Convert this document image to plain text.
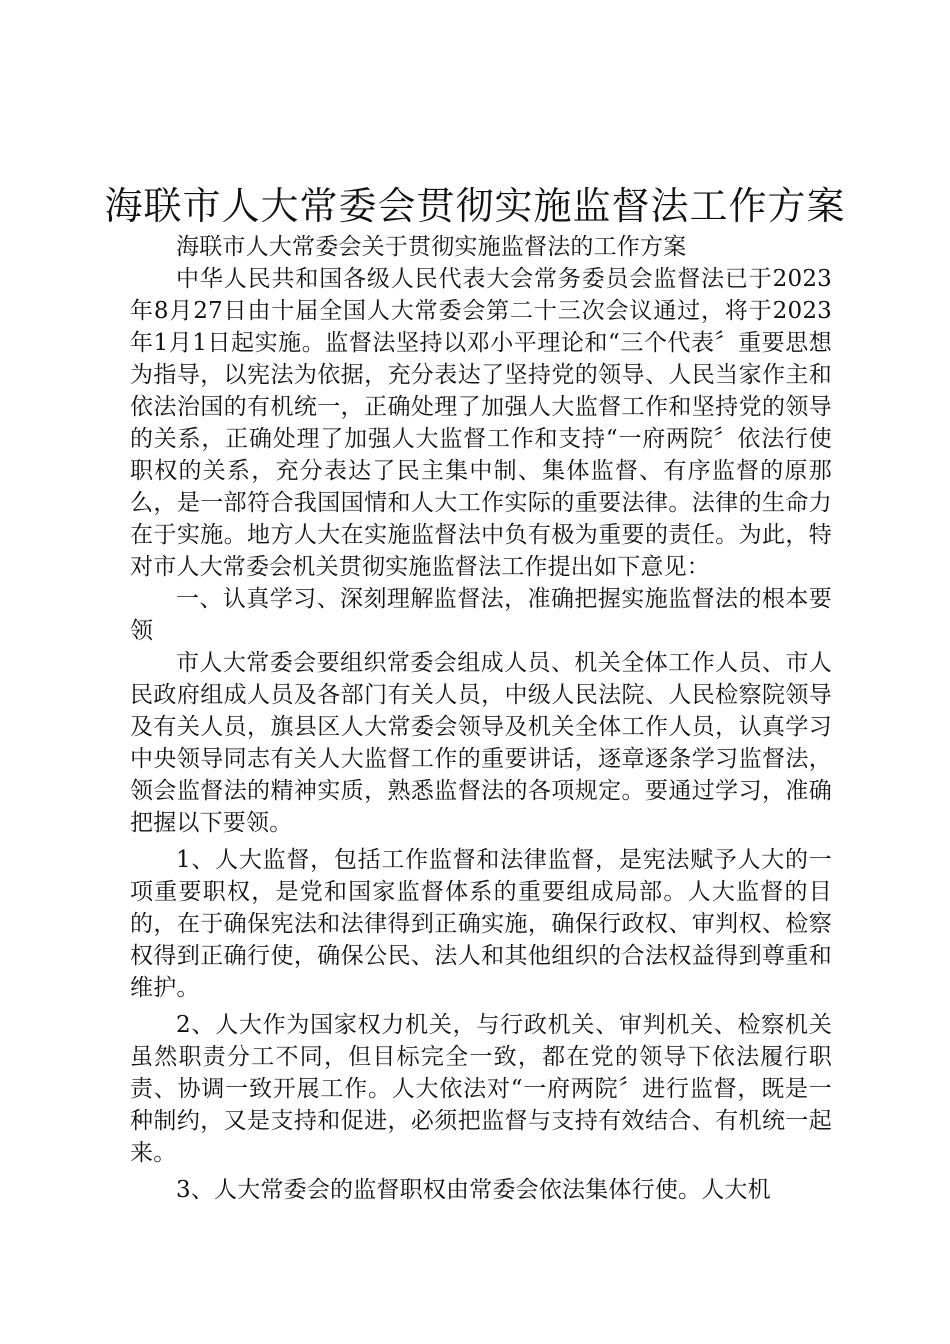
海联市人大常委会贯彻实施监督法工作方案

海联市人大常委会关于贯彻实施监督法的工作方案

中华人民共和国各级人民代表大会常务委员会监督法已于2023年8月27日由十届全国人大常委会第二十三次会议通过，将于2023年1月1日起实施。监督法坚持以邓小平理论和“三个代表〞重要思想为指导，以宪法为依据，充分表达了坚持党的领导、人民当家作主和依法治国的有机统一，正确处理了加强人大监督工作和坚持党的领导的关系，正确处理了加强人大监督工作和支持“一府两院〞依法行使职权的关系，充分表达了民主集中制、集体监督、有序监督的原那么，是一部符合我国国情和人大工作实际的重要法律。法律的生命力在于实施。地方人大在实施监督法中负有极为重要的责任。为此，特对市人大常委会机关贯彻实施监督法工作提出如下意见：

一、认真学习、深刻理解监督法，准确把握实施监督法的根本要领

市人大常委会要组织常委会组成人员、机关全体工作人员、市人民政府组成人员及各部门有关人员，中级人民法院、人民检察院领导及有关人员，旗县区人大常委会领导及机关全体工作人员，认真学习中央领导同志有关人大监督工作的重要讲话，逐章逐条学习监督法，领会监督法的精神实质，熟悉监督法的各项规定。要通过学习，准确把握以下要领。

1、人大监督，包括工作监督和法律监督，是宪法赋予人大的一项重要职权，是党和国家监督体系的重要组成局部。人大监督的目的，在于确保宪法和法律得到正确实施，确保行政权、审判权、检察权得到正确行使，确保公民、法人和其他组织的合法权益得到尊重和维护。

2、人大作为国家权力机关，与行政机关、审判机关、检察机关虽然职责分工不同，但目标完全一致，都在党的领导下依法履行职责、协调一致开展工作。人大依法对“一府两院〞进行监督，既是一种制约，又是支持和促进，必须把监督与支持有效结合、有机统一起来。

3、人大常委会的监督职权由常委会依法集体行使。人大机
